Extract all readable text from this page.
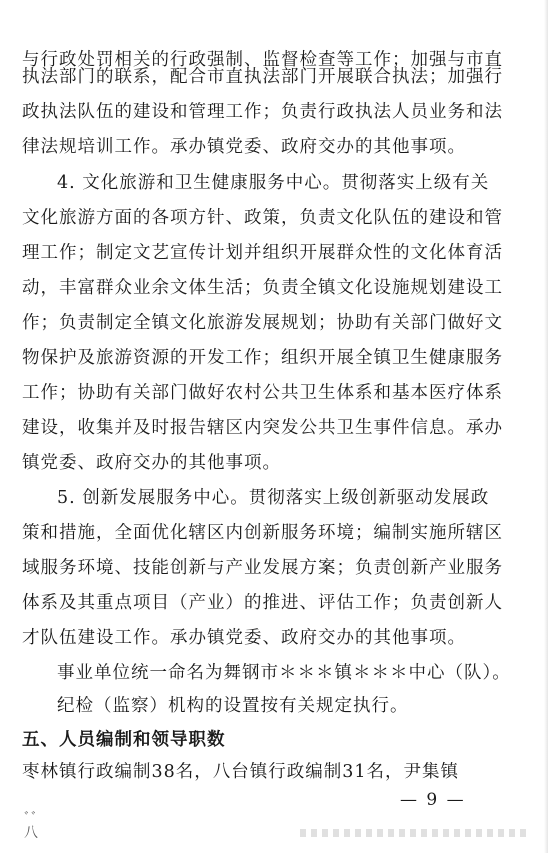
与行政处罚相关的行政强制、监督检查等工作；加强与市直
执法部门的联系，配合市直执法部门开展联合执法；加强行
政执法队伍的建设和管理工作；负责行政执法人员业务和法
律法规培训工作。承办镇党委、政府交办的其他事项。
4. 文化旅游和卫生健康服务中心。贯彻落实上级有关
文化旅游方面的各项方针、政策，负责文化队伍的建设和管
理工作；制定文艺宣传计划并组织开展群众性的文化体育活
动，丰富群众业余文体生活；负责全镇文化设施规划建设工
作；负责制定全镇文化旅游发展规划；协助有关部门做好文
物保护及旅游资源的开发工作；组织开展全镇卫生健康服务
工作；协助有关部门做好农村公共卫生体系和基本医疗体系
建设，收集并及时报告辖区内突发公共卫生事件信息。承办
镇党委、政府交办的其他事项。
5. 创新发展服务中心。贯彻落实上级创新驱动发展政
策和措施，全面优化辖区内创新服务环境；编制实施所辖区
域服务环境、技能创新与产业发展方案；负责创新产业服务
体系及其重点项目（产业）的推进、评估工作；负责创新人
才队伍建设工作。承办镇党委、政府交办的其他事项。
事业单位统一命名为舞钢市＊＊＊镇＊＊＊中心（队）。
纪检（监察）机构的设置按有关规定执行。
五、人员编制和领导职数
枣林镇行政编制38名，八台镇行政编制31名，尹集镇
— 9 —
ﾞﾞ
八
